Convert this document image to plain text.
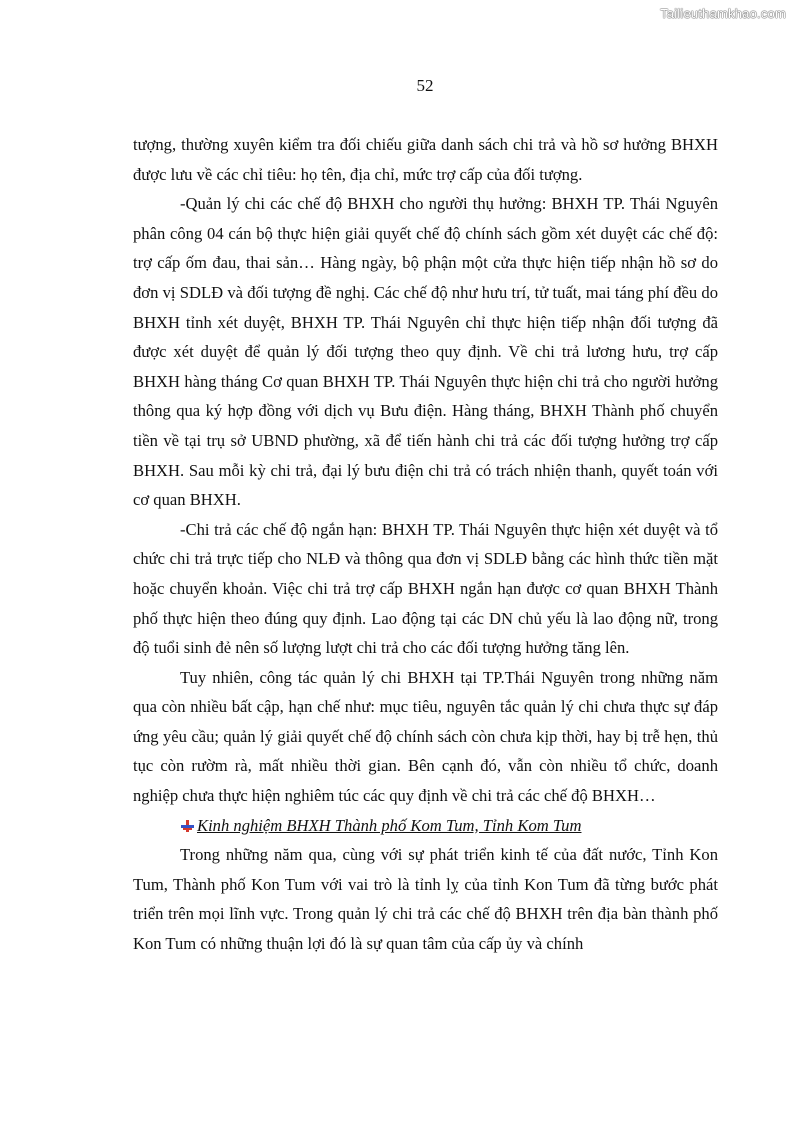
Tailieuthamkhao.com
52

tượng, thường xuyên kiểm tra đối chiếu giữa danh sách chi trả và hồ sơ hưởng BHXH được lưu về các chỉ tiêu: họ tên, địa chỉ, mức trợ cấp của đối tượng.

-Quản lý chi các chế độ BHXH cho người thụ hưởng: BHXH TP. Thái Nguyên phân công 04 cán bộ thực hiện giải quyết chế độ chính sách gồm xét duyệt các chế độ: trợ cấp ốm đau, thai sản… Hàng ngày, bộ phận một cửa thực hiện tiếp nhận hồ sơ do đơn vị SDLĐ và đối tượng đề nghị. Các chế độ như hưu trí, tử tuất, mai táng phí đều do BHXH tỉnh xét duyệt, BHXH TP. Thái Nguyên chỉ thực hiện tiếp nhận đối tượng đã được xét duyệt để quản lý đối tượng theo quy định. Về chi trả lương hưu, trợ cấp BHXH hàng tháng Cơ quan BHXH TP. Thái Nguyên thực hiện chi trả cho người hưởng thông qua ký hợp đồng với dịch vụ Bưu điện. Hàng tháng, BHXH Thành phố chuyển tiền về tại trụ sở UBND phường, xã để tiến hành chi trả các đối tượng hưởng trợ cấp BHXH. Sau mỗi kỳ chi trả, đại lý bưu điện chi trả có trách nhiện thanh, quyết toán với cơ quan BHXH.

-Chi trả các chế độ ngắn hạn: BHXH TP. Thái Nguyên thực hiện xét duyệt và tổ chức chi trả trực tiếp cho NLĐ và thông qua đơn vị SDLĐ bằng các hình thức tiền mặt hoặc chuyển khoản. Việc chi trả trợ cấp BHXH ngắn hạn được cơ quan BHXH Thành phố thực hiện theo đúng quy định. Lao động tại các DN chủ yếu là lao động nữ, trong độ tuổi sinh đẻ nên số lượng lượt chi trả cho các đối tượng hưởng tăng lên.

Tuy nhiên, công tác quản lý chi BHXH tại TP.Thái Nguyên trong những năm qua còn nhiều bất cập, hạn chế như: mục tiêu, nguyên tắc quản lý chi chưa thực sự đáp ứng yêu cầu; quản lý giải quyết chế độ chính sách còn chưa kịp thời, hay bị trễ hẹn, thủ tục còn rườm rà, mất nhiều thời gian. Bên cạnh đó, vẫn còn nhiều tổ chức, doanh nghiệp chưa thực hiện nghiêm túc các quy định về chi trả các chế độ BHXH…

Kinh nghiệm BHXH Thành phố Kom Tum, Tỉnh Kom Tum

Trong những năm qua, cùng với sự phát triển kinh tế của đất nước, Tỉnh Kon Tum, Thành phố Kon Tum với vai trò là tỉnh lỵ của tỉnh Kon Tum đã từng bước phát triển trên mọi lĩnh vực. Trong quản lý chi trả các chế độ BHXH trên địa bàn thành phố Kon Tum có những thuận lợi đó là sự quan tâm của cấp ủy và chính
